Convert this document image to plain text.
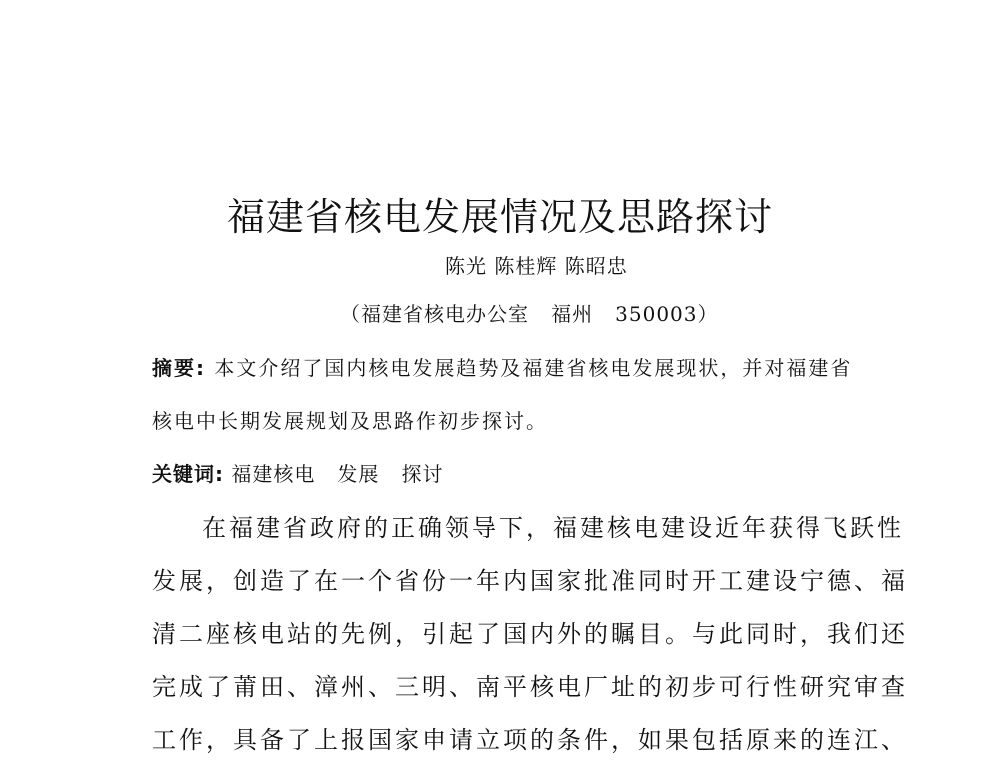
福建省核电发展情况及思路探讨
陈光 陈桂辉 陈昭忠
（福建省核电办公室   福州   350003）
摘要: 本文介绍了国内核电发展趋势及福建省核电发展现状，并对福建省
核电中长期发展规划及思路作初步探讨。
关键词: 福建核电   发展   探讨
在福建省政府的正确领导下，福建核电建设近年获得飞跃性
发展，创造了在一个省份一年内国家批准同时开工建设宁德、福
清二座核电站的先例，引起了国内外的瞩目。与此同时，我们还
完成了莆田、漳州、三明、南平核电厂址的初步可行性研究审查
工作，具备了上报国家申请立项的条件，如果包括原来的连江、
